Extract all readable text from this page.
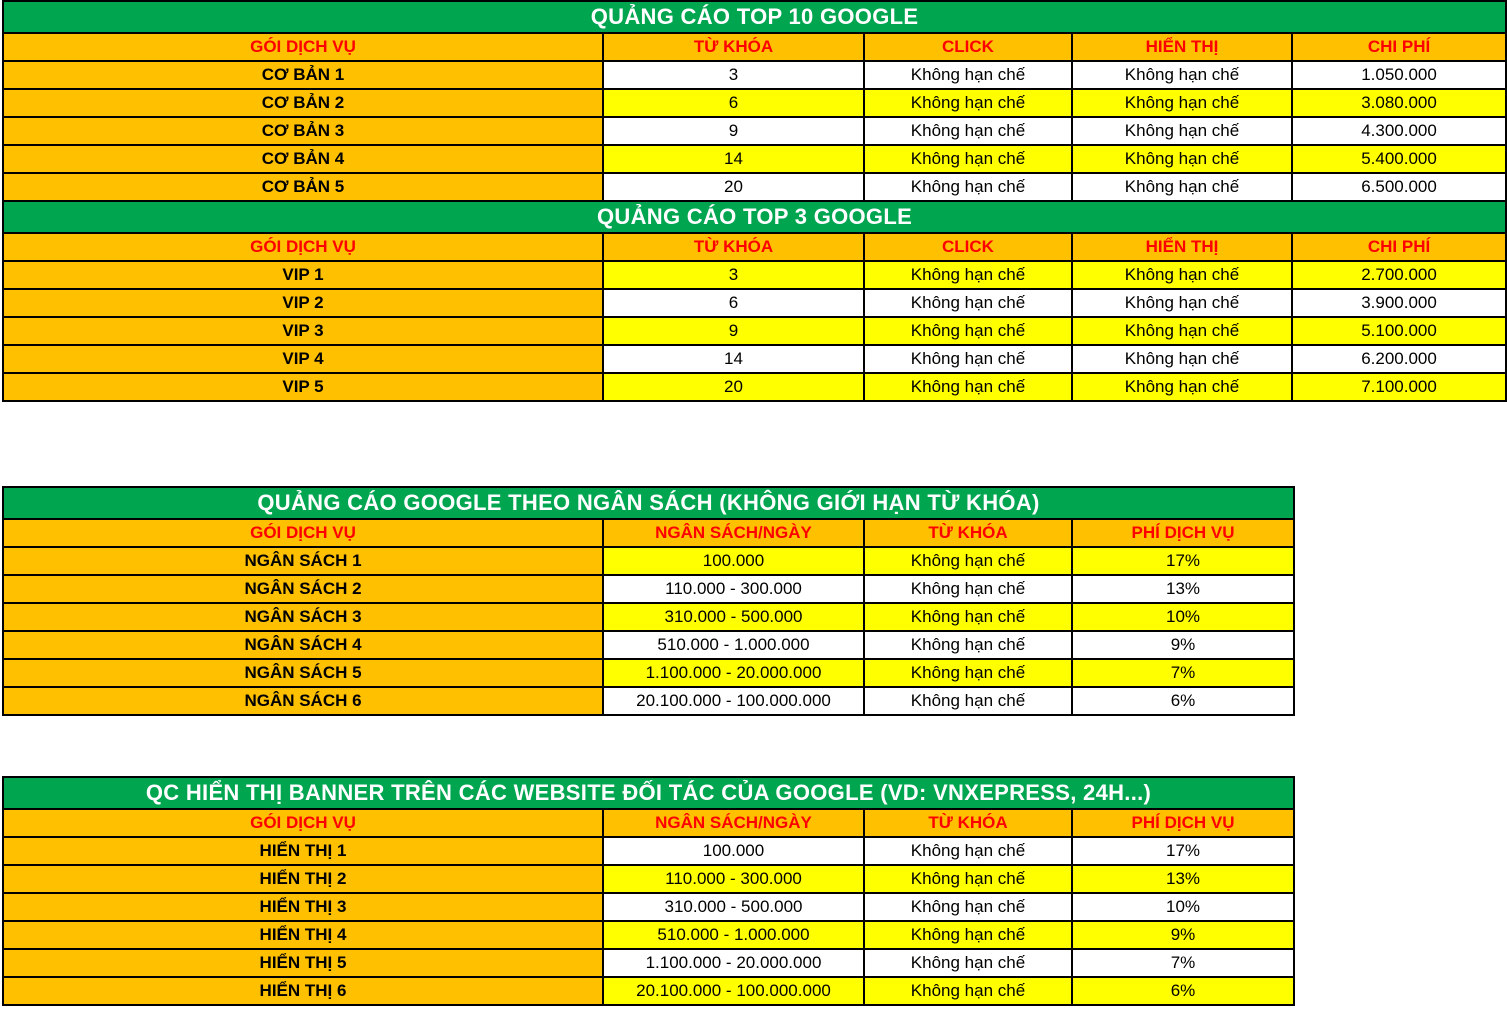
QUẢNG CÁO TOP 10 GOOGLE				
GÓI DỊCH VỤ	TỪ KHÓA	CLICK	HIỂN THỊ	CHI PHÍ
CƠ BẢN 1	3	Không hạn chế	Không hạn chế	1.050.000
CƠ BẢN 2	6	Không hạn chế	Không hạn chế	3.080.000
CƠ BẢN 3	9	Không hạn chế	Không hạn chế	4.300.000
CƠ BẢN 4	14	Không hạn chế	Không hạn chế	5.400.000
CƠ BẢN 5	20	Không hạn chế	Không hạn chế	6.500.000
QUẢNG CÁO TOP 3 GOOGLE				
GÓI DỊCH VỤ	TỪ KHÓA	CLICK	HIỂN THỊ	CHI PHÍ
VIP 1	3	Không hạn chế	Không hạn chế	2.700.000
VIP 2	6	Không hạn chế	Không hạn chế	3.900.000
VIP 3	9	Không hạn chế	Không hạn chế	5.100.000
VIP 4	14	Không hạn chế	Không hạn chế	6.200.000
VIP 5	20	Không hạn chế	Không hạn chế	7.100.000
QUẢNG CÁO GOOGLE THEO NGÂN SÁCH (KHÔNG GIỚI HẠN TỪ KHÓA)			
GÓI DỊCH VỤ	NGÂN SÁCH/NGÀY	TỪ KHÓA	PHÍ DỊCH VỤ
NGÂN SÁCH 1	100.000	Không hạn chế	17%
NGÂN SÁCH 2	110.000 - 300.000	Không hạn chế	13%
NGÂN SÁCH 3	310.000 - 500.000	Không hạn chế	10%
NGÂN SÁCH 4	510.000 - 1.000.000	Không hạn chế	9%
NGÂN SÁCH 5	1.100.000 - 20.000.000	Không hạn chế	7%
NGÂN SÁCH 6	20.100.000 - 100.000.000	Không hạn chế	6%
QC HIỂN THỊ BANNER TRÊN CÁC WEBSITE ĐỐI TÁC CỦA GOOGLE (VD: VNXEPRESS, 24H...)			
GÓI DỊCH VỤ	NGÂN SÁCH/NGÀY	TỪ KHÓA	PHÍ DỊCH VỤ
HIỂN THỊ 1	100.000	Không hạn chế	17%
HIỂN THỊ 2	110.000 - 300.000	Không hạn chế	13%
HIỂN THỊ 3	310.000 - 500.000	Không hạn chế	10%
HIỂN THỊ 4	510.000 - 1.000.000	Không hạn chế	9%
HIỂN THỊ 5	1.100.000 - 20.000.000	Không hạn chế	7%
HIỂN THỊ 6	20.100.000 - 100.000.000	Không hạn chế	6%
